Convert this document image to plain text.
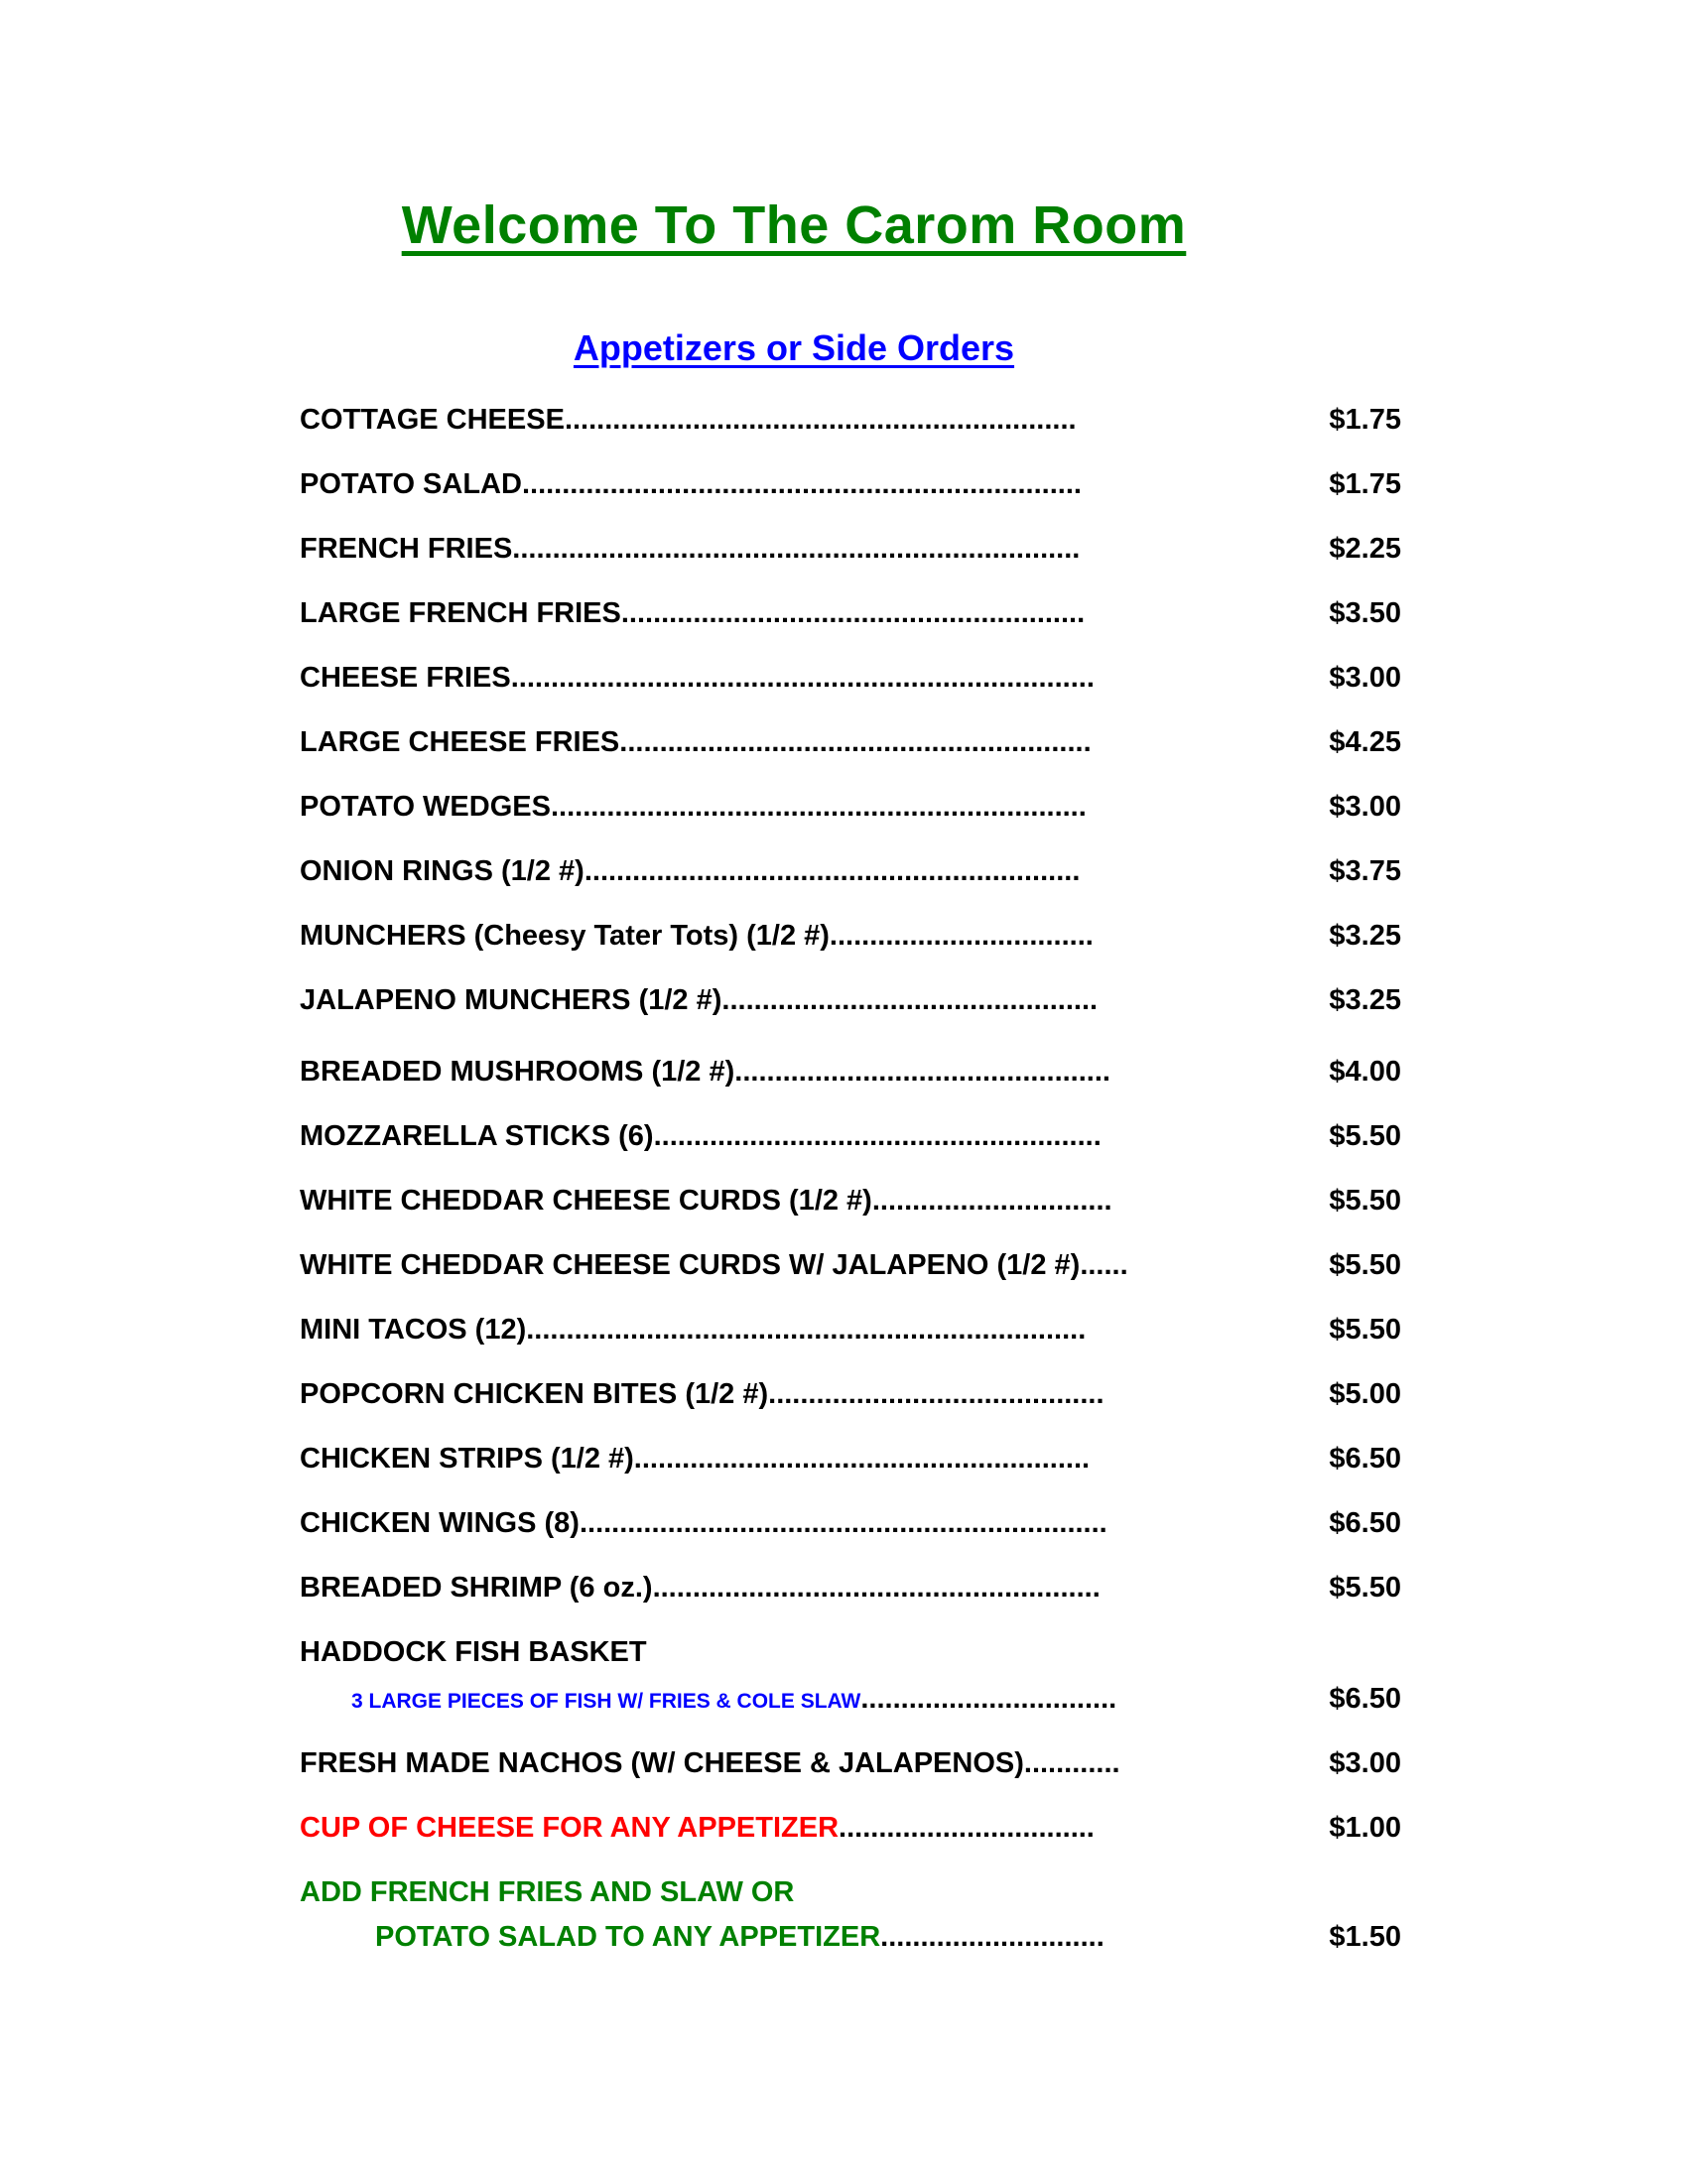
Welcome To The Carom Room
Appetizers or Side Orders
COTTAGE CHEESE................................................................	$1.75
POTATO SALAD......................................................................	$1.75
FRENCH FRIES.......................................................................	$2.25
LARGE FRENCH FRIES..........................................................	$3.50
CHEESE FRIES.........................................................................	$3.00
LARGE CHEESE FRIES...........................................................	$4.25
POTATO WEDGES...................................................................	$3.00
ONION RINGS (1/2 #)..............................................................	$3.75
MUNCHERS (Cheesy Tater Tots) (1/2 #).................................	$3.25
JALAPENO MUNCHERS (1/2 #)...............................................	$3.25
BREADED MUSHROOMS (1/2 #)...............................................	$4.00
MOZZARELLA STICKS (6)........................................................	$5.50
WHITE CHEDDAR CHEESE CURDS (1/2 #)..............................	$5.50
WHITE CHEDDAR CHEESE CURDS W/ JALAPENO (1/2 #)......	$5.50
MINI TACOS (12)......................................................................	$5.50
POPCORN CHICKEN BITES (1/2 #)..........................................	$5.00
CHICKEN STRIPS (1/2 #).........................................................	$6.50
CHICKEN WINGS (8)..................................................................	$6.50
BREADED SHRIMP (6 oz.)........................................................	$5.50
HADDOCK FISH BASKET
3 LARGE PIECES OF FISH W/ FRIES & COLE SLAW................................	$6.50
FRESH MADE NACHOS (W/ CHEESE & JALAPENOS)............	$3.00
CUP OF CHEESE FOR ANY APPETIZER................................	$1.00
ADD FRENCH FRIES AND SLAW OR
POTATO SALAD TO ANY APPETIZER............................	$1.50
